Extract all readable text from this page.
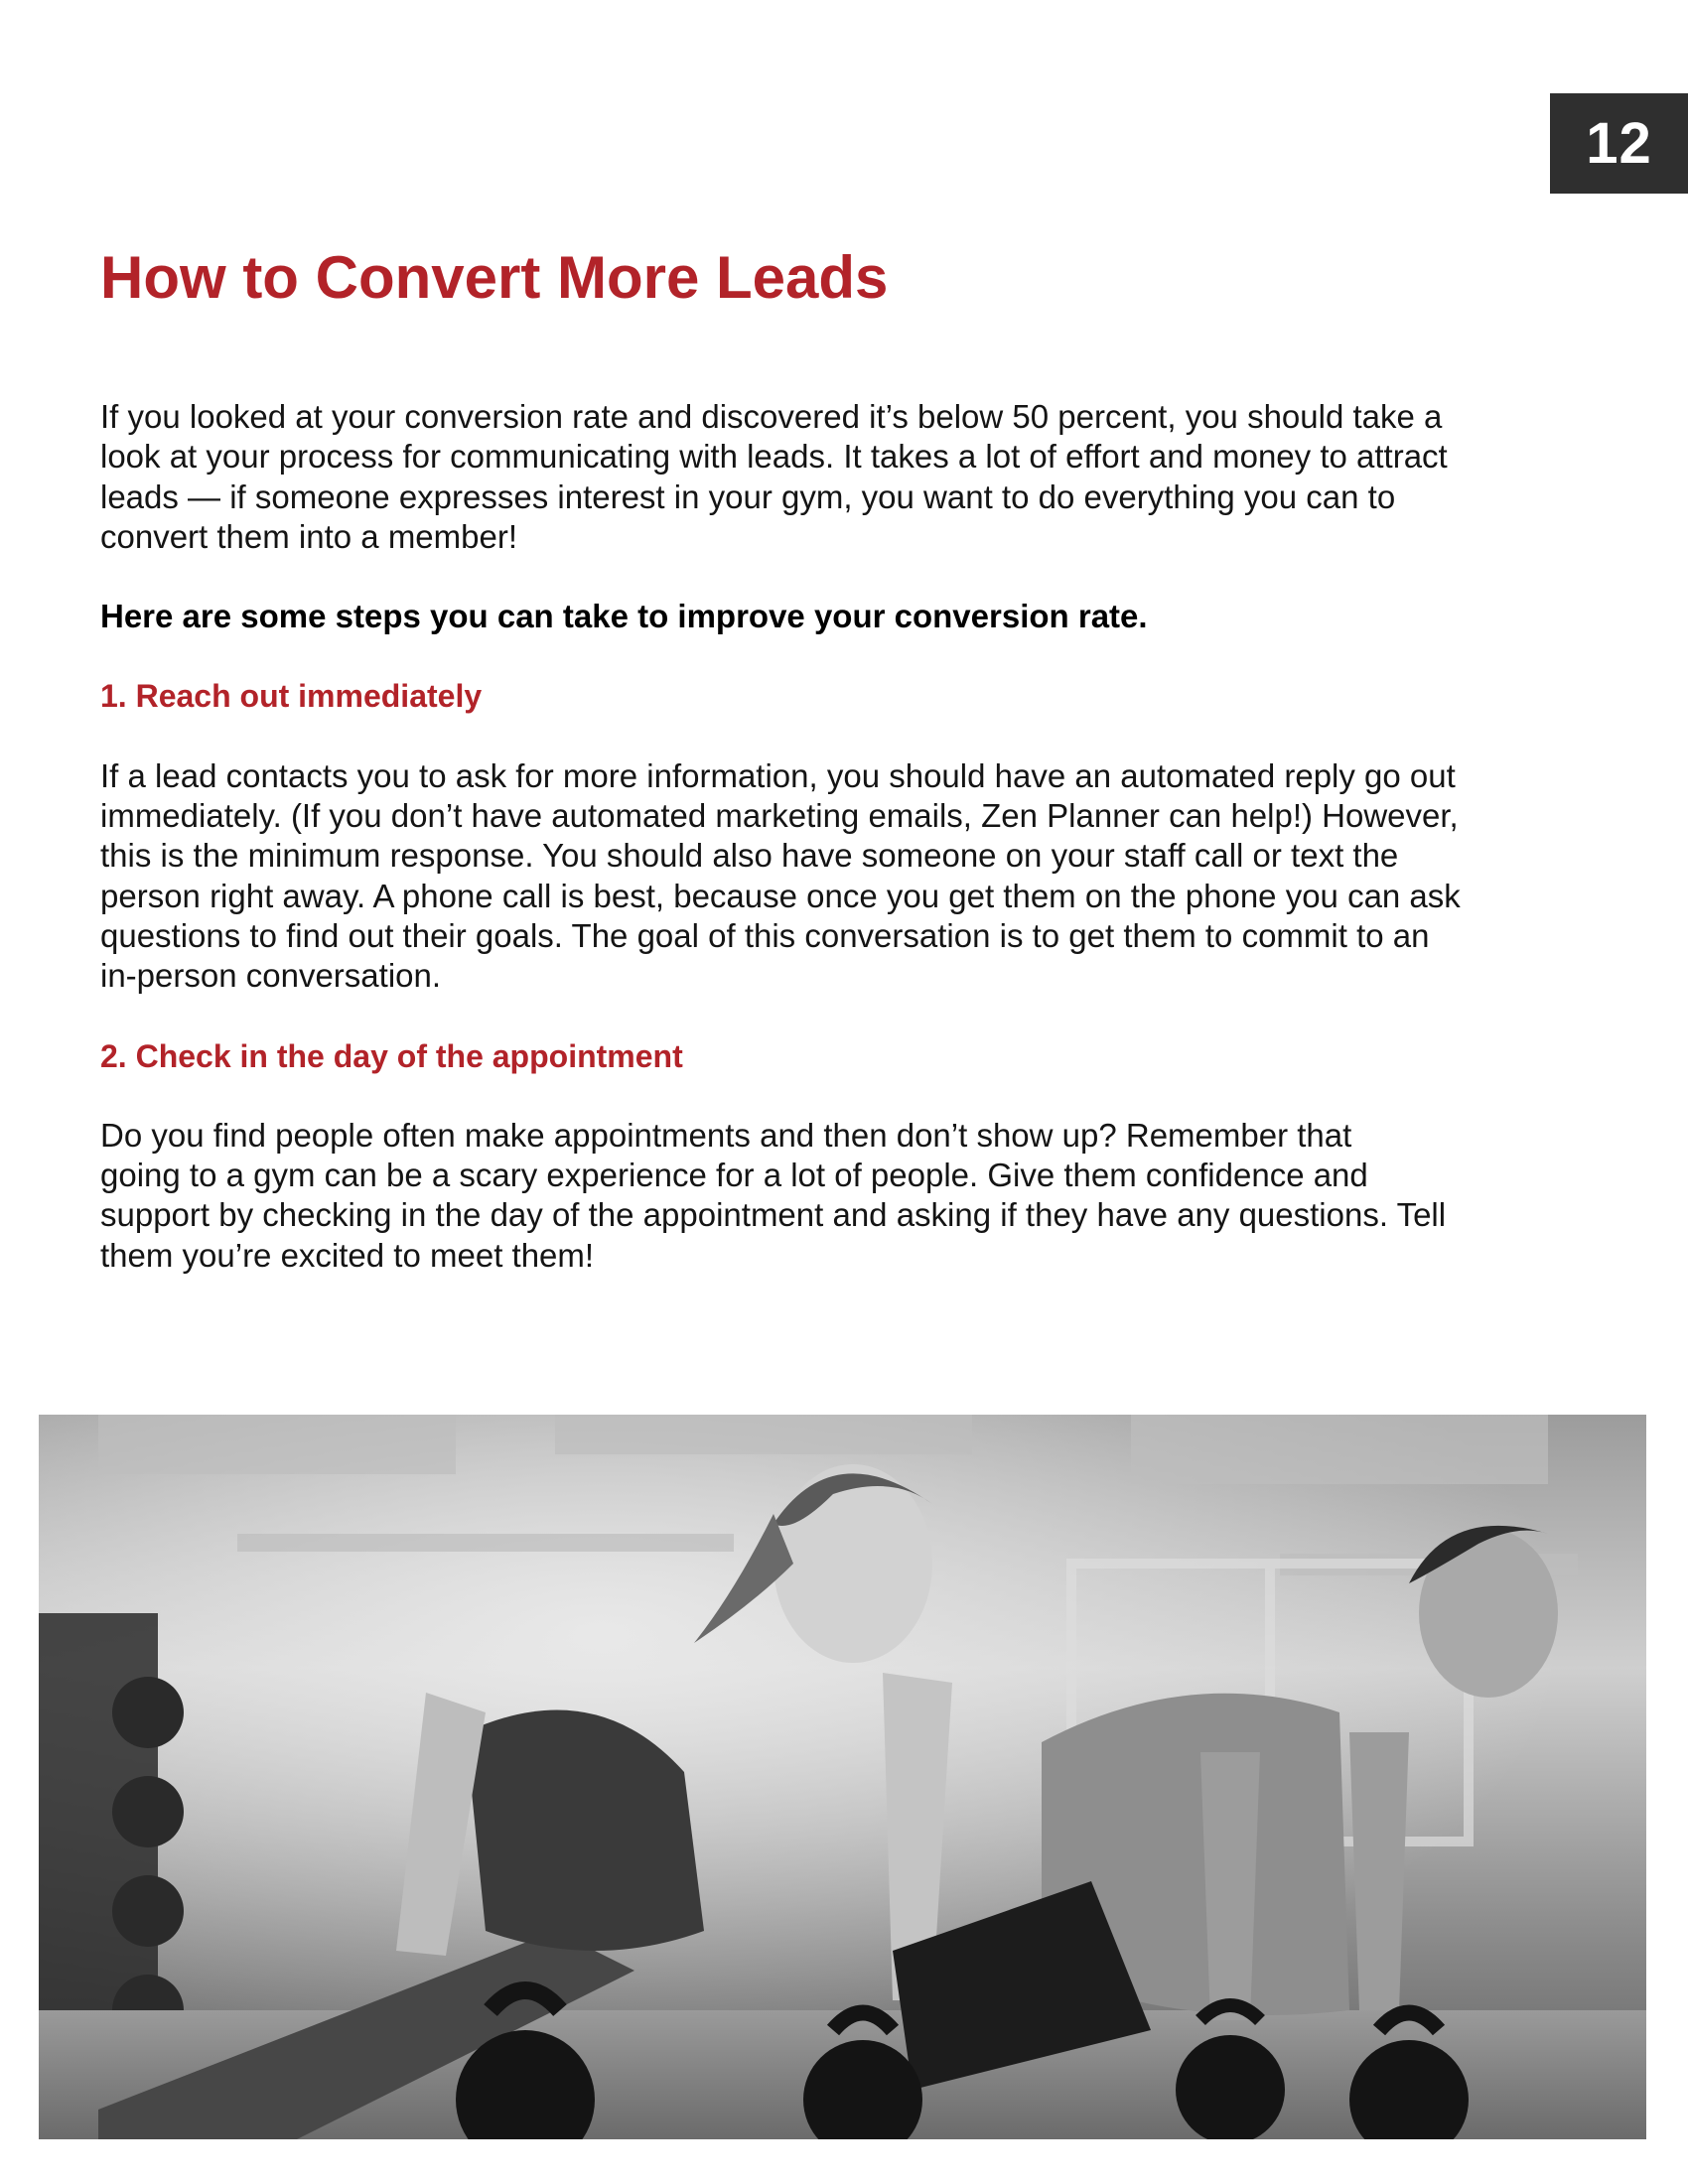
12
How to Convert More Leads

If you looked at your conversion rate and discovered it’s below 50 percent, you should take a
look at your process for communicating with leads. It takes a lot of effort and money to attract
leads — if someone expresses interest in your gym, you want to do everything you can to
convert them into a member!

Here are some steps you can take to improve your conversion rate.

1. Reach out immediately

If a lead contacts you to ask for more information, you should have an automated reply go out
immediately. (If you don’t have automated marketing emails, Zen Planner can help!) However,
this is the minimum response. You should also have someone on your staff call or text the
person right away. A phone call is best, because once you get them on the phone you can ask
questions to find out their goals. The goal of this conversation is to get them to commit to an
in-person conversation.

2. Check in the day of the appointment

Do you find people often make appointments and then don’t show up? Remember that
going to a gym can be a scary experience for a lot of people. Give them confidence and
support by checking in the day of the appointment and asking if they have any questions. Tell
them you’re excited to meet them!
